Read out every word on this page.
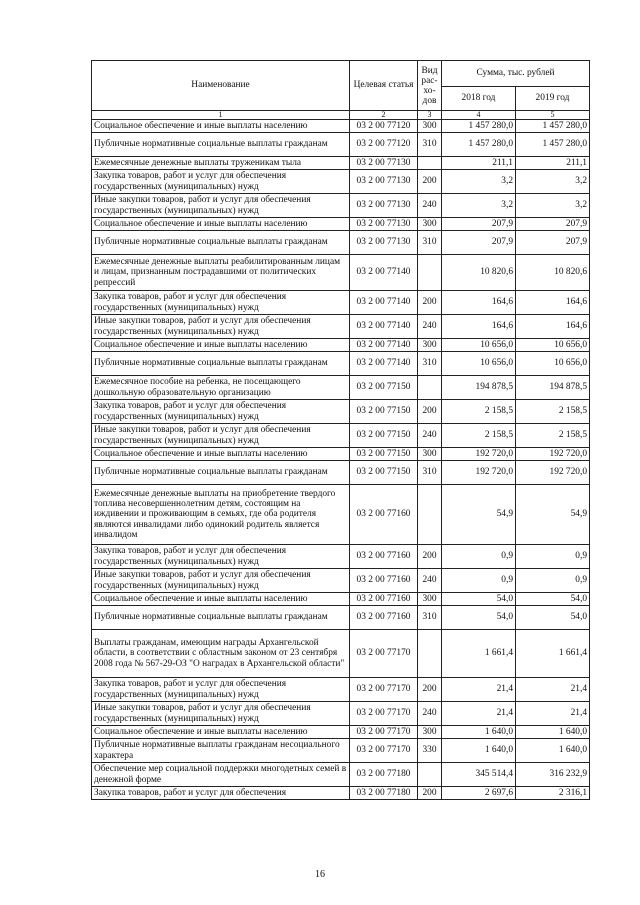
Наименование	Целевая статья	Вид рас-хо-дов	Сумма, тыс. рублей	
			2018 год	2019 год
1	2	3	4	5
Социальное обеспечение и иные выплаты населению	03 2 00 77120	300	1 457 280,0	1 457 280,0
Публичные нормативные социальные выплаты гражданам	03 2 00 77120	310	1 457 280,0	1 457 280,0
Ежемесячные денежные выплаты труженикам тыла	03 2 00 77130		211,1	211,1
Закупка товаров, работ и услуг для обеспечения государственных (муниципальных) нужд	03 2 00 77130	200	3,2	3,2
Иные закупки товаров, работ и услуг для обеспечения государственных (муниципальных) нужд	03 2 00 77130	240	3,2	3,2
Социальное обеспечение и иные выплаты населению	03 2 00 77130	300	207,9	207,9
Публичные нормативные социальные выплаты гражданам	03 2 00 77130	310	207,9	207,9
Ежемесячные денежные выплаты реабилитированным лицам и лицам, признанным пострадавшими от политических репрессий	03 2 00 77140		10 820,6	10 820,6
Закупка товаров, работ и услуг для обеспечения государственных (муниципальных) нужд	03 2 00 77140	200	164,6	164,6
Иные закупки товаров, работ и услуг для обеспечения государственных (муниципальных) нужд	03 2 00 77140	240	164,6	164,6
Социальное обеспечение и иные выплаты населению	03 2 00 77140	300	10 656,0	10 656,0
Публичные нормативные социальные выплаты гражданам	03 2 00 77140	310	10 656,0	10 656,0
Ежемесячное пособие на ребенка, не посещающего дошкольную образовательную организацию	03 2 00 77150		194 878,5	194 878,5
Закупка товаров, работ и услуг для обеспечения государственных (муниципальных) нужд	03 2 00 77150	200	2 158,5	2 158,5
Иные закупки товаров, работ и услуг для обеспечения государственных (муниципальных) нужд	03 2 00 77150	240	2 158,5	2 158,5
Социальное обеспечение и иные выплаты населению	03 2 00 77150	300	192 720,0	192 720,0
Публичные нормативные социальные выплаты гражданам	03 2 00 77150	310	192 720,0	192 720,0
Ежемесячные денежные выплаты на приобретение твердого топлива несовершеннолетним детям, состоящим на иждивении и проживающим в семьях, где оба родителя являются инвалидами либо одинокий родитель является инвалидом	03 2 00 77160		54,9	54,9
Закупка товаров, работ и услуг для обеспечения государственных (муниципальных) нужд	03 2 00 77160	200	0,9	0,9
Иные закупки товаров, работ и услуг для обеспечения государственных (муниципальных) нужд	03 2 00 77160	240	0,9	0,9
Социальное обеспечение и иные выплаты населению	03 2 00 77160	300	54,0	54,0
Публичные нормативные социальные выплаты гражданам	03 2 00 77160	310	54,0	54,0
Выплаты гражданам, имеющим награды Архангельской области, в соответствии с областным законом от 23 сентября 2008 года № 567-29-ОЗ "О наградах в Архангельской области"	03 2 00 77170		1 661,4	1 661,4
Закупка товаров, работ и услуг для обеспечения государственных (муниципальных) нужд	03 2 00 77170	200	21,4	21,4
Иные закупки товаров, работ и услуг для обеспечения государственных (муниципальных) нужд	03 2 00 77170	240	21,4	21,4
Социальное обеспечение и иные выплаты населению	03 2 00 77170	300	1 640,0	1 640,0
Публичные нормативные выплаты гражданам несоциального характера	03 2 00 77170	330	1 640,0	1 640,0
Обеспечение мер социальной поддержки многодетных семей в денежной форме	03 2 00 77180		345 514,4	316 232,9
Закупка товаров, работ и услуг для обеспечения	03 2 00 77180	200	2 697,6	2 316,1
16
